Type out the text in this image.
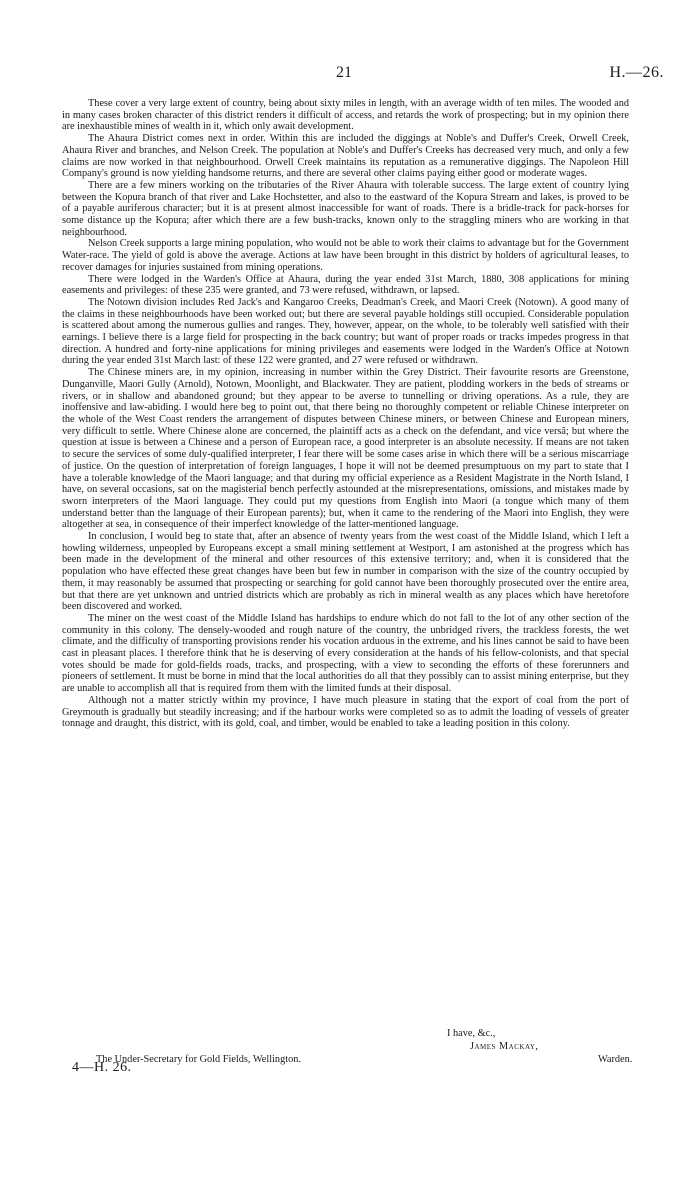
21	H.—26.

These cover a very large extent of country, being about sixty miles in length, with an average width of ten miles. The wooded and in many cases broken character of this district renders it difficult of access, and retards the work of prospecting; but in my opinion there are inexhaustible mines of wealth in it, which only await development.

The Ahaura District comes next in order. Within this are included the diggings at Noble's and Duffer's Creek, Orwell Creek, Ahaura River and branches, and Nelson Creek. The population at Noble's and Duffer's Creeks has decreased very much, and only a few claims are now worked in that neighbourhood. Orwell Creek maintains its reputation as a remunerative diggings. The Napoleon Hill Company's ground is now yielding handsome returns, and there are several other claims paying either good or moderate wages.

There are a few miners working on the tributaries of the River Ahaura with tolerable success. The large extent of country lying between the Kopura branch of that river and Lake Hochstetter, and also to the eastward of the Kopura Stream and lakes, is proved to be of a payable auriferous character; but it is at present almost inaccessible for want of roads. There is a bridle-track for pack-horses for some distance up the Kopura; after which there are a few bush-tracks, known only to the straggling miners who are working in that neighbourhood.

Nelson Creek supports a large mining population, who would not be able to work their claims to advantage but for the Government Water-race. The yield of gold is above the average. Actions at law have been brought in this district by holders of agricultural leases, to recover damages for injuries sustained from mining operations.

There were lodged in the Warden's Office at Ahaura, during the year ended 31st March, 1880, 308 applications for mining easements and privileges: of these 235 were granted, and 73 were refused, withdrawn, or lapsed.

The Notown division includes Red Jack's and Kangaroo Creeks, Deadman's Creek, and Maori Creek (Notown). A good many of the claims in these neighbourhoods have been worked out; but there are several payable holdings still occupied. Considerable population is scattered about among the numerous gullies and ranges. They, however, appear, on the whole, to be tolerably well satisfied with their earnings. I believe there is a large field for prospecting in the back country; but want of proper roads or tracks impedes progress in that direction. A hundred and forty-nine applications for mining privileges and easements were lodged in the Warden's Office at Notown during the year ended 31st March last: of these 122 were granted, and 27 were refused or withdrawn.

The Chinese miners are, in my opinion, increasing in number within the Grey District. Their favourite resorts are Greenstone, Dunganville, Maori Gully (Arnold), Notown, Moonlight, and Blackwater. They are patient, plodding workers in the beds of streams or rivers, or in shallow and abandoned ground; but they appear to be averse to tunnelling or driving operations. As a rule, they are inoffensive and law-abiding. I would here beg to point out, that there being no thoroughly competent or reliable Chinese interpreter on the whole of the West Coast renders the arrangement of disputes between Chinese miners, or between Chinese and European miners, very difficult to settle. Where Chinese alone are concerned, the plaintiff acts as a check on the defendant, and vice versâ; but where the question at issue is between a Chinese and a person of European race, a good interpreter is an absolute necessity. If means are not taken to secure the services of some duly-qualified interpreter, I fear there will be some cases arise in which there will be a serious miscarriage of justice. On the question of interpretation of foreign languages, I hope it will not be deemed presumptuous on my part to state that I have a tolerable knowledge of the Maori language; and that during my official experience as a Resident Magistrate in the North Island, I have, on several occasions, sat on the magisterial bench perfectly astounded at the misrepresentations, omissions, and mistakes made by sworn interpreters of the Maori language. They could put my questions from English into Maori (a tongue which many of them understand better than the language of their European parents); but, when it came to the rendering of the Maori into English, they were altogether at sea, in consequence of their imperfect knowledge of the latter-mentioned language.

In conclusion, I would beg to state that, after an absence of twenty years from the west coast of the Middle Island, which I left a howling wilderness, unpeopled by Europeans except a small mining settlement at Westport, I am astonished at the progress which has been made in the development of the mineral and other resources of this extensive territory; and, when it is considered that the population who have effected these great changes have been but few in number in comparison with the size of the country occupied by them, it may reasonably be assumed that prospecting or searching for gold cannot have been thoroughly prosecuted over the entire area, but that there are yet unknown and untried districts which are probably as rich in mineral wealth as any places which have heretofore been discovered and worked.

The miner on the west coast of the Middle Island has hardships to endure which do not fall to the lot of any other section of the community in this colony. The densely-wooded and rough nature of the country, the unbridged rivers, the trackless forests, the wet climate, and the difficulty of transporting provisions render his vocation arduous in the extreme, and his lines cannot be said to have been cast in pleasant places. I therefore think that he is deserving of every consideration at the hands of his fellow-colonists, and that special votes should be made for gold-fields roads, tracks, and prospecting, with a view to seconding the efforts of these forerunners and pioneers of settlement. It must be borne in mind that the local authorities do all that they possibly can to assist mining enterprise, but they are unable to accomplish all that is required from them with the limited funds at their disposal.

Although not a matter strictly within my province, I have much pleasure in stating that the export of coal from the port of Greymouth is gradually but steadily increasing; and if the harbour works were completed so as to admit the loading of vessels of greater tonnage and draught, this district, with its gold, coal, and timber, would be enabled to take a leading position in this colony.

I have, &c.,
James Mackay,
Warden.
The Under-Secretary for Gold Fields, Wellington.
4—H. 26.
